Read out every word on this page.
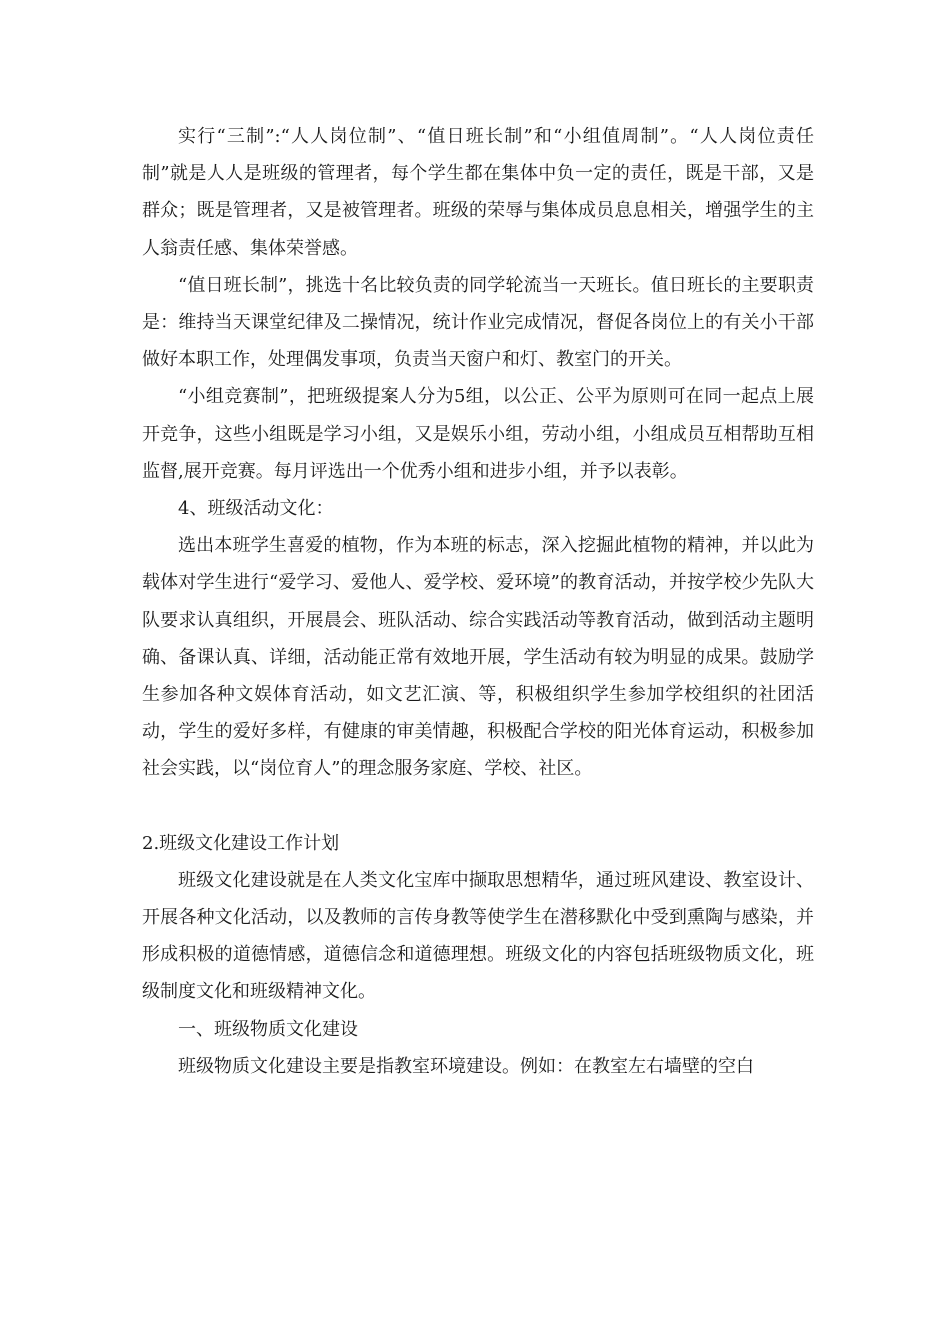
实行“三制”:“人人岗位制”、“值日班长制”和“小组值周制”。“人人岗位责任制”就是人人是班级的管理者，每个学生都在集体中负一定的责任，既是干部，又是群众；既是管理者，又是被管理者。班级的荣辱与集体成员息息相关，增强学生的主人翁责任感、集体荣誉感。

“值日班长制”，挑选十名比较负责的同学轮流当一天班长。值日班长的主要职责是：维持当天课堂纪律及二操情况，统计作业完成情况，督促各岗位上的有关小干部做好本职工作，处理偶发事项，负责当天窗户和灯、教室门的开关。

“小组竞赛制”，把班级提案人分为5组，以公正、公平为原则可在同一起点上展开竞争，这些小组既是学习小组，又是娱乐小组，劳动小组，小组成员互相帮助互相监督,展开竞赛。每月评选出一个优秀小组和进步小组，并予以表彰。

4、班级活动文化：

选出本班学生喜爱的植物，作为本班的标志，深入挖掘此植物的精神，并以此为载体对学生进行“爱学习、爱他人、爱学校、爱环境”的教育活动，并按学校少先队大队要求认真组织，开展晨会、班队活动、综合实践活动等教育活动，做到活动主题明确、备课认真、详细，活动能正常有效地开展，学生活动有较为明显的成果。鼓励学生参加各种文娱体育活动，如文艺汇演、等，积极组织学生参加学校组织的社团活动，学生的爱好多样，有健康的审美情趣，积极配合学校的阳光体育运动，积极参加社会实践，以“岗位育人”的理念服务家庭、学校、社区。

2.班级文化建设工作计划

班级文化建设就是在人类文化宝库中撷取思想精华，通过班风建设、教室设计、开展各种文化活动，以及教师的言传身教等使学生在潜移默化中受到熏陶与感染，并形成积极的道德情感，道德信念和道德理想。班级文化的内容包括班级物质文化，班级制度文化和班级精神文化。

一、班级物质文化建设

班级物质文化建设主要是指教室环境建设。例如：在教室左右墙壁的空白
